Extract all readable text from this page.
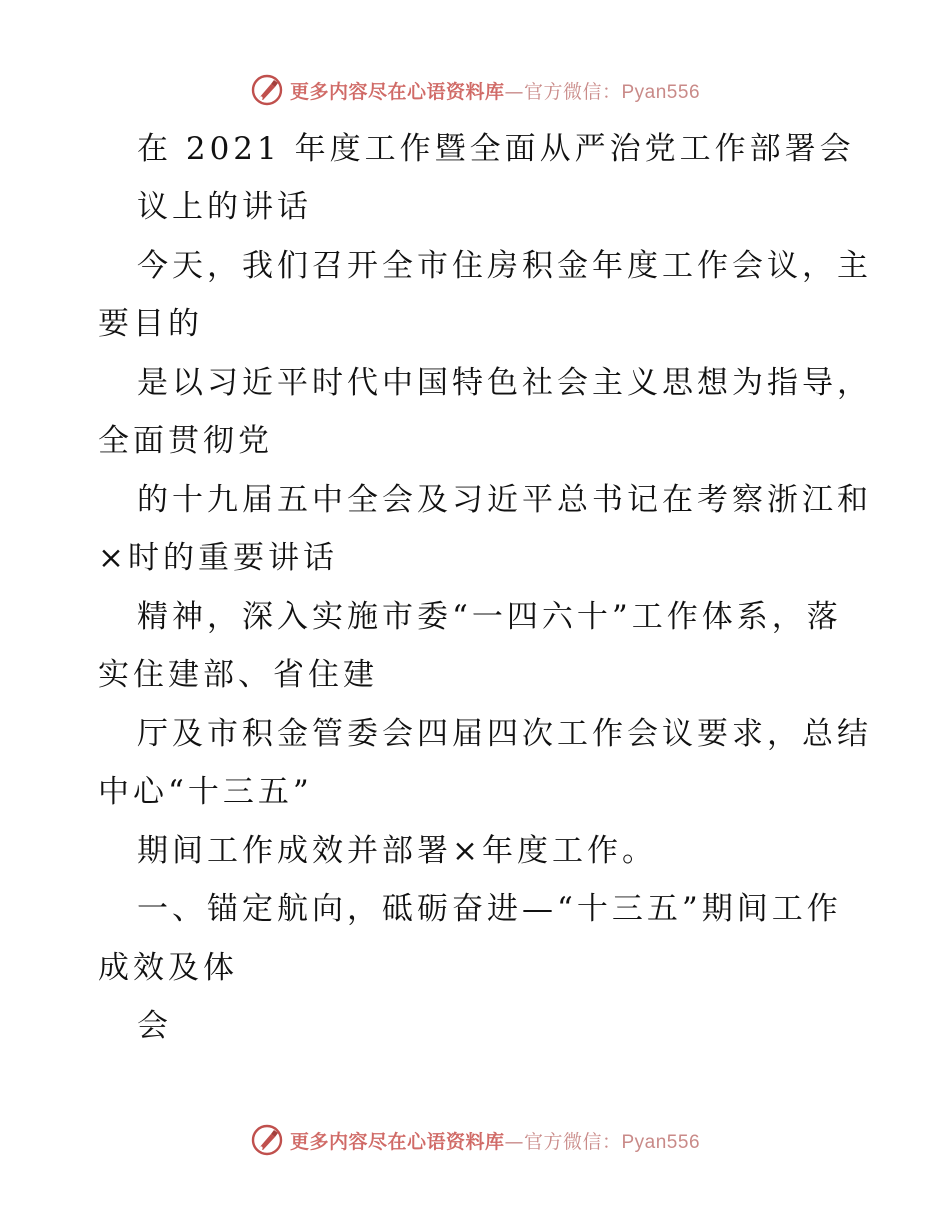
更多内容尽在心语资料库—官方微信：Pyan556
在 2021 年度工作暨全面从严治党工作部署会
议上的讲话
今天，我们召开全市住房积金年度工作会议，主
要目的
是以习近平时代中国特色社会主义思想为指导，
全面贯彻党
的十九届五中全会及习近平总书记在考察浙江和
×时的重要讲话
精神，深入实施市委“一四六十”工作体系，落
实住建部、省住建
厅及市积金管委会四届四次工作会议要求，总结
中心“十三五”
期间工作成效并部署×年度工作。
一、锚定航向，砥砺奋进—“十三五”期间工作
成效及体
会
更多内容尽在心语资料库—官方微信：Pyan556
